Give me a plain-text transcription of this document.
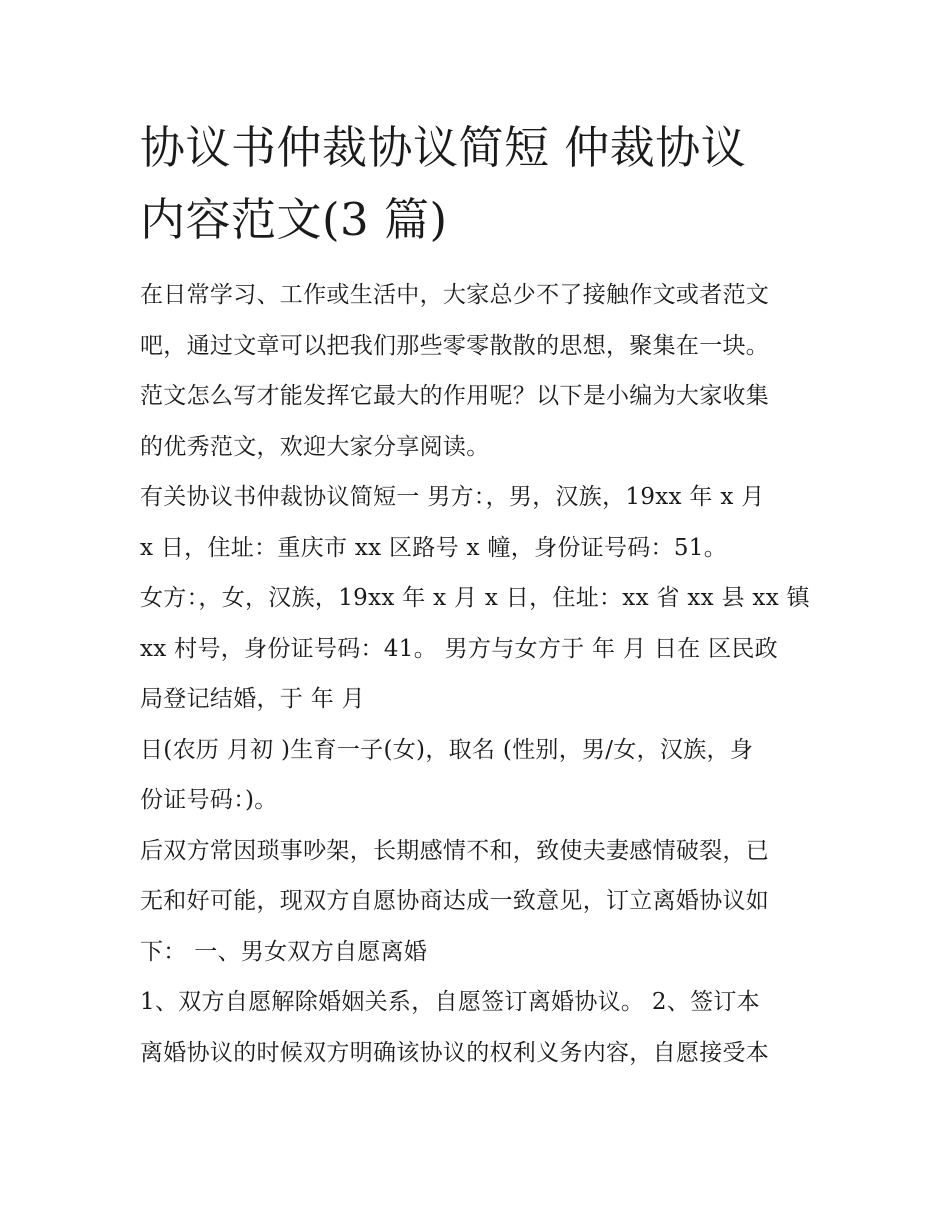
协议书仲裁协议简短 仲裁协议
内容范文(3 篇)

在日常学习、工作或生活中，大家总少不了接触作文或者范文
吧，通过文章可以把我们那些零零散散的思想，聚集在一块。
范文怎么写才能发挥它最大的作用呢？以下是小编为大家收集
的优秀范文，欢迎大家分享阅读。

有关协议书仲裁协议简短一 男方：，男，汉族，19xx 年 x 月
x 日，住址：重庆市 xx 区路号 x 幢，身份证号码：51。

女方：，女，汉族，19xx 年 x 月 x 日，住址：xx 省 xx 县 xx 镇
xx 村号，身份证号码：41。 男方与女方于 年 月 日在 区民政
局登记结婚，于 年 月

日(农历 月初 )生育一子(女)，取名 (性别，男/女，汉族，身
份证号码：)。

后双方常因琐事吵架，长期感情不和，致使夫妻感情破裂，已
无和好可能，现双方自愿协商达成一致意见，订立离婚协议如
下： 一、男女双方自愿离婚

1、双方自愿解除婚姻关系，自愿签订离婚协议。 2、签订本
离婚协议的时候双方明确该协议的权利义务内容，自愿接受本
